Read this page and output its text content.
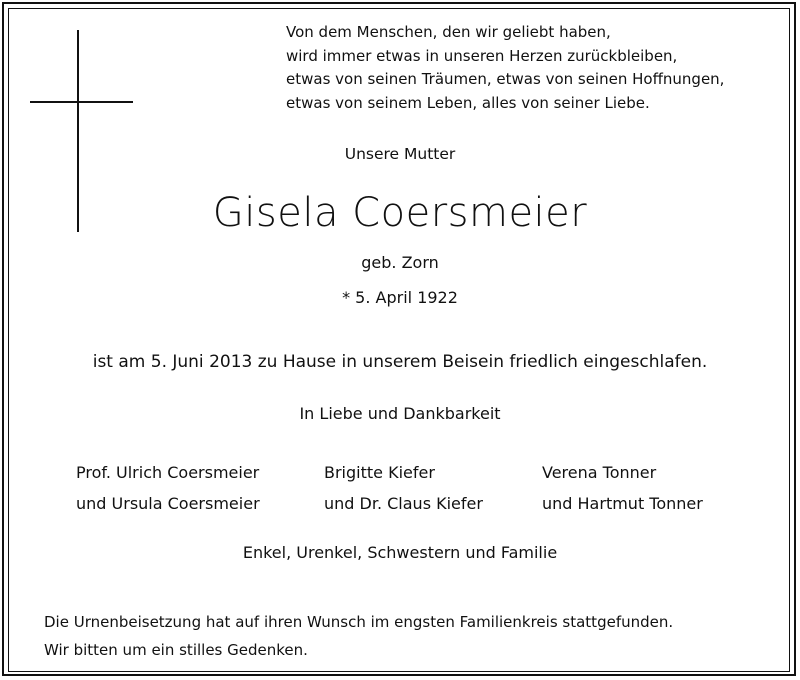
Von dem Menschen, den wir geliebt haben,
wird immer etwas in unseren Herzen zurückbleiben,
etwas von seinen Träumen, etwas von seinen Hoffnungen,
etwas von seinem Leben, alles von seiner Liebe.
Unsere Mutter
Gisela Coersmeier
geb. Zorn
* 5. April 1922
ist am 5. Juni 2013 zu Hause in unserem Beisein friedlich eingeschlafen.
In Liebe und Dankbarkeit
Prof. Ulrich Coersmeier
und Ursula Coersmeier
Brigitte Kiefer
und Dr. Claus Kiefer
Verena Tonner
und Hartmut Tonner
Enkel, Urenkel, Schwestern und Familie
Die Urnenbeisetzung hat auf ihren Wunsch im engsten Familienkreis stattgefunden.
Wir bitten um ein stilles Gedenken.
